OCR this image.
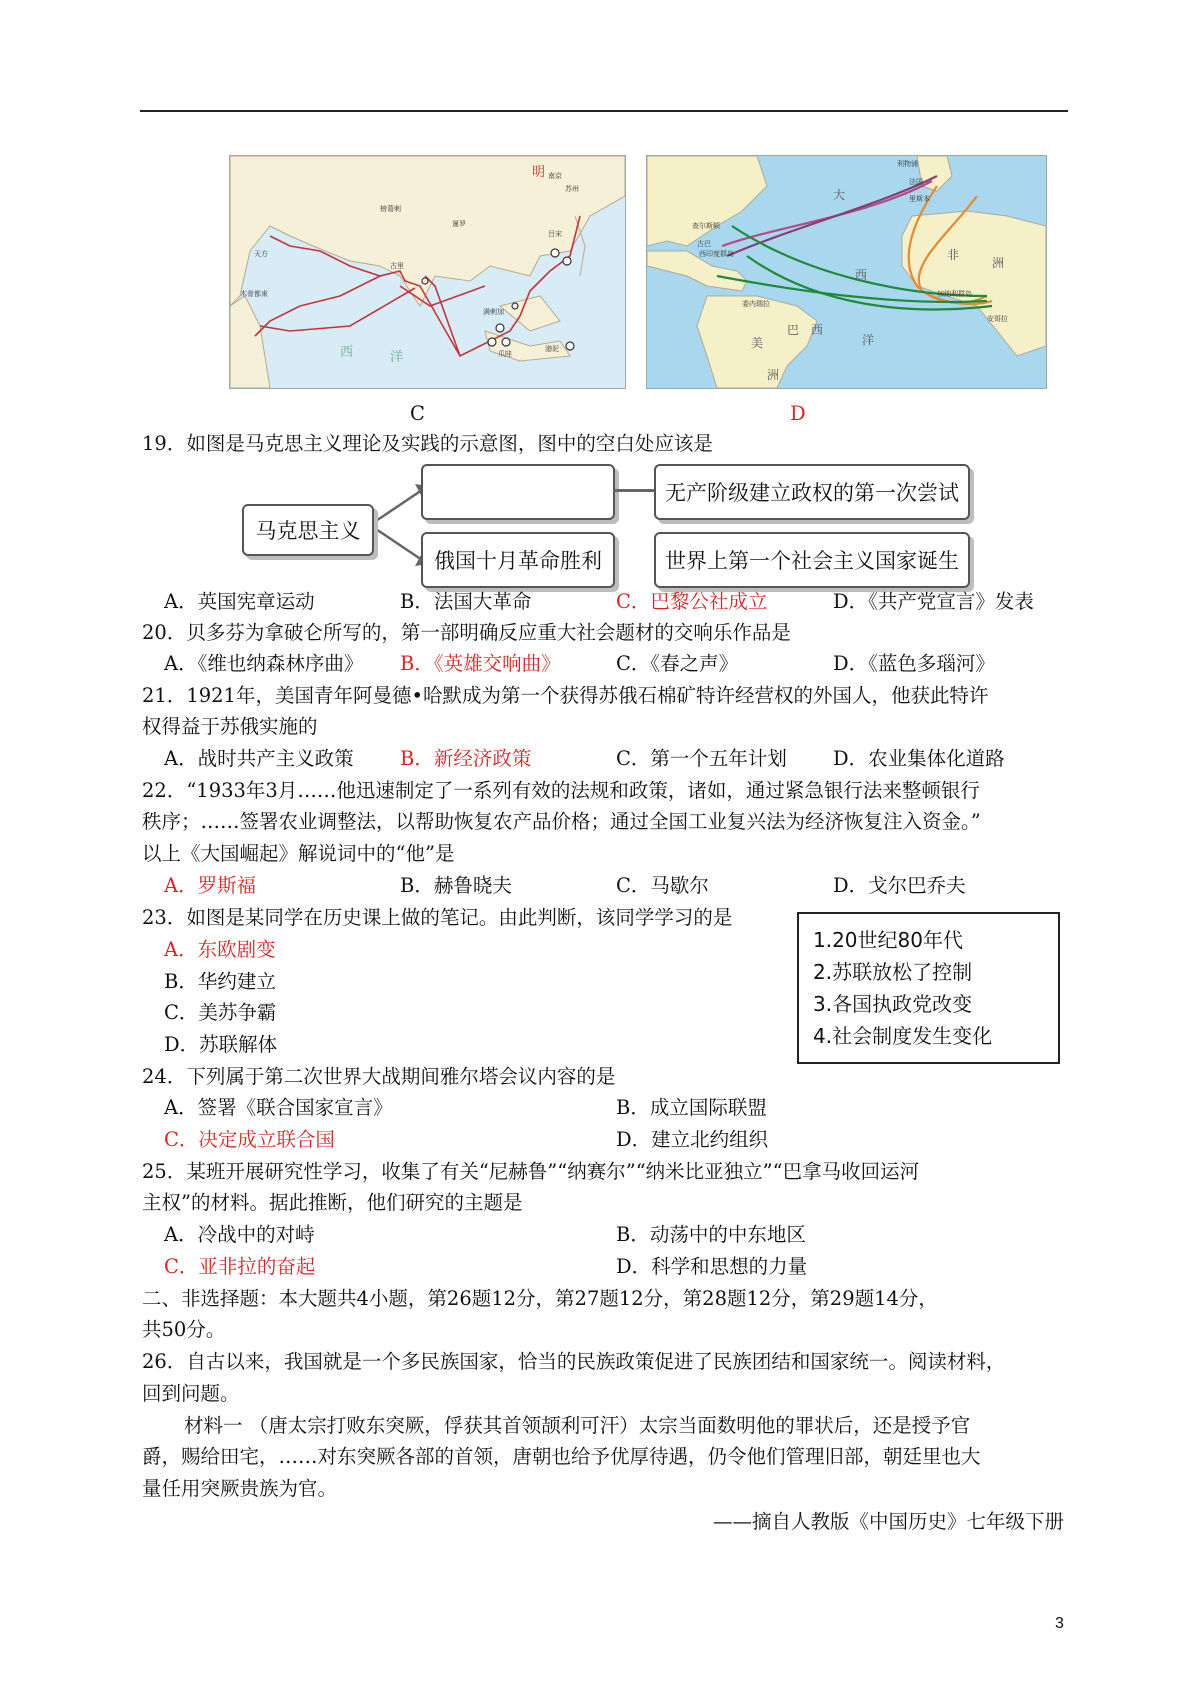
南京
苏州
榜葛剌
暹罗
吕宋
天方
木骨都束
古里
满剌加
爪哇
渤泥
明
西	洋
利物浦
法国
里斯本
查尔斯顿
古巴
西印度群岛
委内瑞拉
加纳利群岛
安哥拉
大
西
非
洲
美
洲
巴 西
洋
C	D
19．如图是马克思主义理论及实践的示意图，图中的空白处应该是
马克思主义
无产阶级建立政权的第一次尝试
俄国十月革命胜利	世界上第一个社会主义国家诞生
A．英国宪章运动	B．法国大革命	C．巴黎公社成立	D．《共产党宣言》发表
20．贝多芬为拿破仑所写的，第一部明确反应重大社会题材的交响乐作品是
A．《维也纳森林序曲》 B．《英雄交响曲》	C．《春之声》	D．《蓝色多瑙河》
21．1921年，美国青年阿曼德•哈默成为第一个获得苏俄石棉矿特许经营权的外国人，他获此特许
权得益于苏俄实施的
A．战时共产主义政策 B．新经济政策	C．第一个五年计划 D．农业集体化道路
22．“1933年3月……他迅速制定了一系列有效的法规和政策，诸如，通过紧急银行法来整顿银行
秩序；……签署农业调整法，以帮助恢复农产品价格；通过全国工业复兴法为经济恢复注入资金。”
以上《大国崛起》解说词中的“他”是
A．罗斯福	B．赫鲁晓夫	C．马歇尔	D．戈尔巴乔夫
23．如图是某同学在历史课上做的笔记。由此判断，该同学学习的是
A．东欧剧变
B．华约建立
C．美苏争霸
D．苏联解体
1.20世纪80年代
2.苏联放松了控制
3.各国执政党改变
4.社会制度发生变化
24．下列属于第二次世界大战期间雅尔塔会议内容的是
A．签署《联合国家宣言》	B．成立国际联盟
C．决定成立联合国	D．建立北约组织
25．某班开展研究性学习，收集了有关“尼赫鲁”“纳赛尔”“纳米比亚独立”“巴拿马收回运河
主权”的材料。据此推断，他们研究的主题是
A．冷战中的对峙	B．动荡中的中东地区
C．亚非拉的奋起	D．科学和思想的力量
二、非选择题：本大题共4小题，第26题12分，第27题12分，第28题12分，第29题14分，
共50分。
26．自古以来，我国就是一个多民族国家，恰当的民族政策促进了民族团结和国家统一。阅读材料，
回到问题。
材料一 （唐太宗打败东突厥，俘获其首领颉利可汗）太宗当面数明他的罪状后，还是授予官
爵，赐给田宅，……对东突厥各部的首领，唐朝也给予优厚待遇，仍令他们管理旧部，朝廷里也大
量任用突厥贵族为官。
——摘自人教版《中国历史》七年级下册
3
